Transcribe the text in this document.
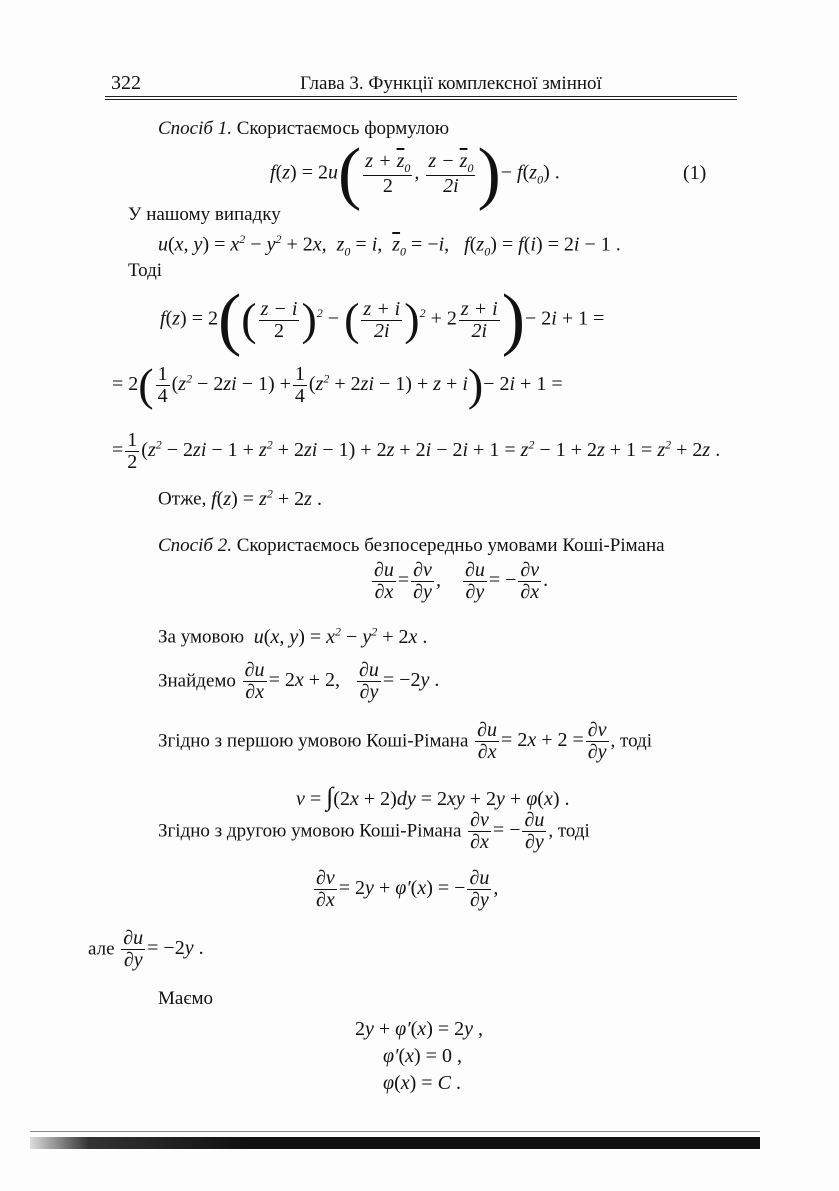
322	Глава 3. Функції комплексної змінної
Спосіб 1. Скористаємось формулою
$f(z) = 2u( \frac{z + \overline{z}_0}{2}$ , $\frac{z - \overline{z}_0}{2i}$ )− $f(z_0)$ .	(1)
У нашому випадку
u(x, $y) = x^2 - y^2 + 2x$,  $z_0 = i$,  $\overline{z}_0 = -i$,   $f(z_0) = f(i) = 2i - 1$ .
Тоді
$f(z) = 2(( \frac{z - i}{2} )^2$ − ( $\frac{z + i}{2i} )^2 + 2 \frac{z + i}{2i}$ )− 2i + 1 =
= $2( \frac{1}{4} (z^2 - 2zi - 1) + \frac{1}{4} (z^2 + 2zi - 1) + z + i)- 2i + 1$ =
= $\frac{1}{2} (z^2 - 2zi - 1 + z^2 + 2zi - 1) + 2z + 2i - 2i + 1 = z^2 - 1 + 2z + 1 = z^2 + 2z$ .
Отже, $f(z) = z^2 + 2z$ .
Спосіб 2. Скористаємось безпосередньо умовами Коші-Рімана
$\frac{\partial u}{\partial x} = \frac{\partial v}{\partial y}$ , $\frac{\partial u}{\partial y}$ = − $\frac{\partial v}{\partial x}$ .
За умовою  u(x, $y) = x^2 - y^2 + 2x$ .
Знайдемо $\frac{\partial u}{\partial x} = 2x + 2$, $\frac{\partial u}{\partial y} = -2y$ .
Згідно з першою умовою Коші-Рімана $\frac{\partial u}{\partial x} = 2x + 2 = \frac{\partial v}{\partial y}$ , тоді
v = ∫(2x + 2)dy = 2xy + 2y + φ(x) .
Згідно з другою умовою Коші-Рімана $\frac{\partial v}{\partial x}$ = − $\frac{\partial u}{\partial y}$ , тоді
$\frac{\partial v}{\partial x} = 2y + \varphi'(x)$ = − $\frac{\partial u}{\partial y}$ ,
але $\frac{\partial u}{\partial y} = -2y$ .
Маємо
2y + φ′(x) = 2y ,
φ′(x) = 0 ,
φ(x) = C .
